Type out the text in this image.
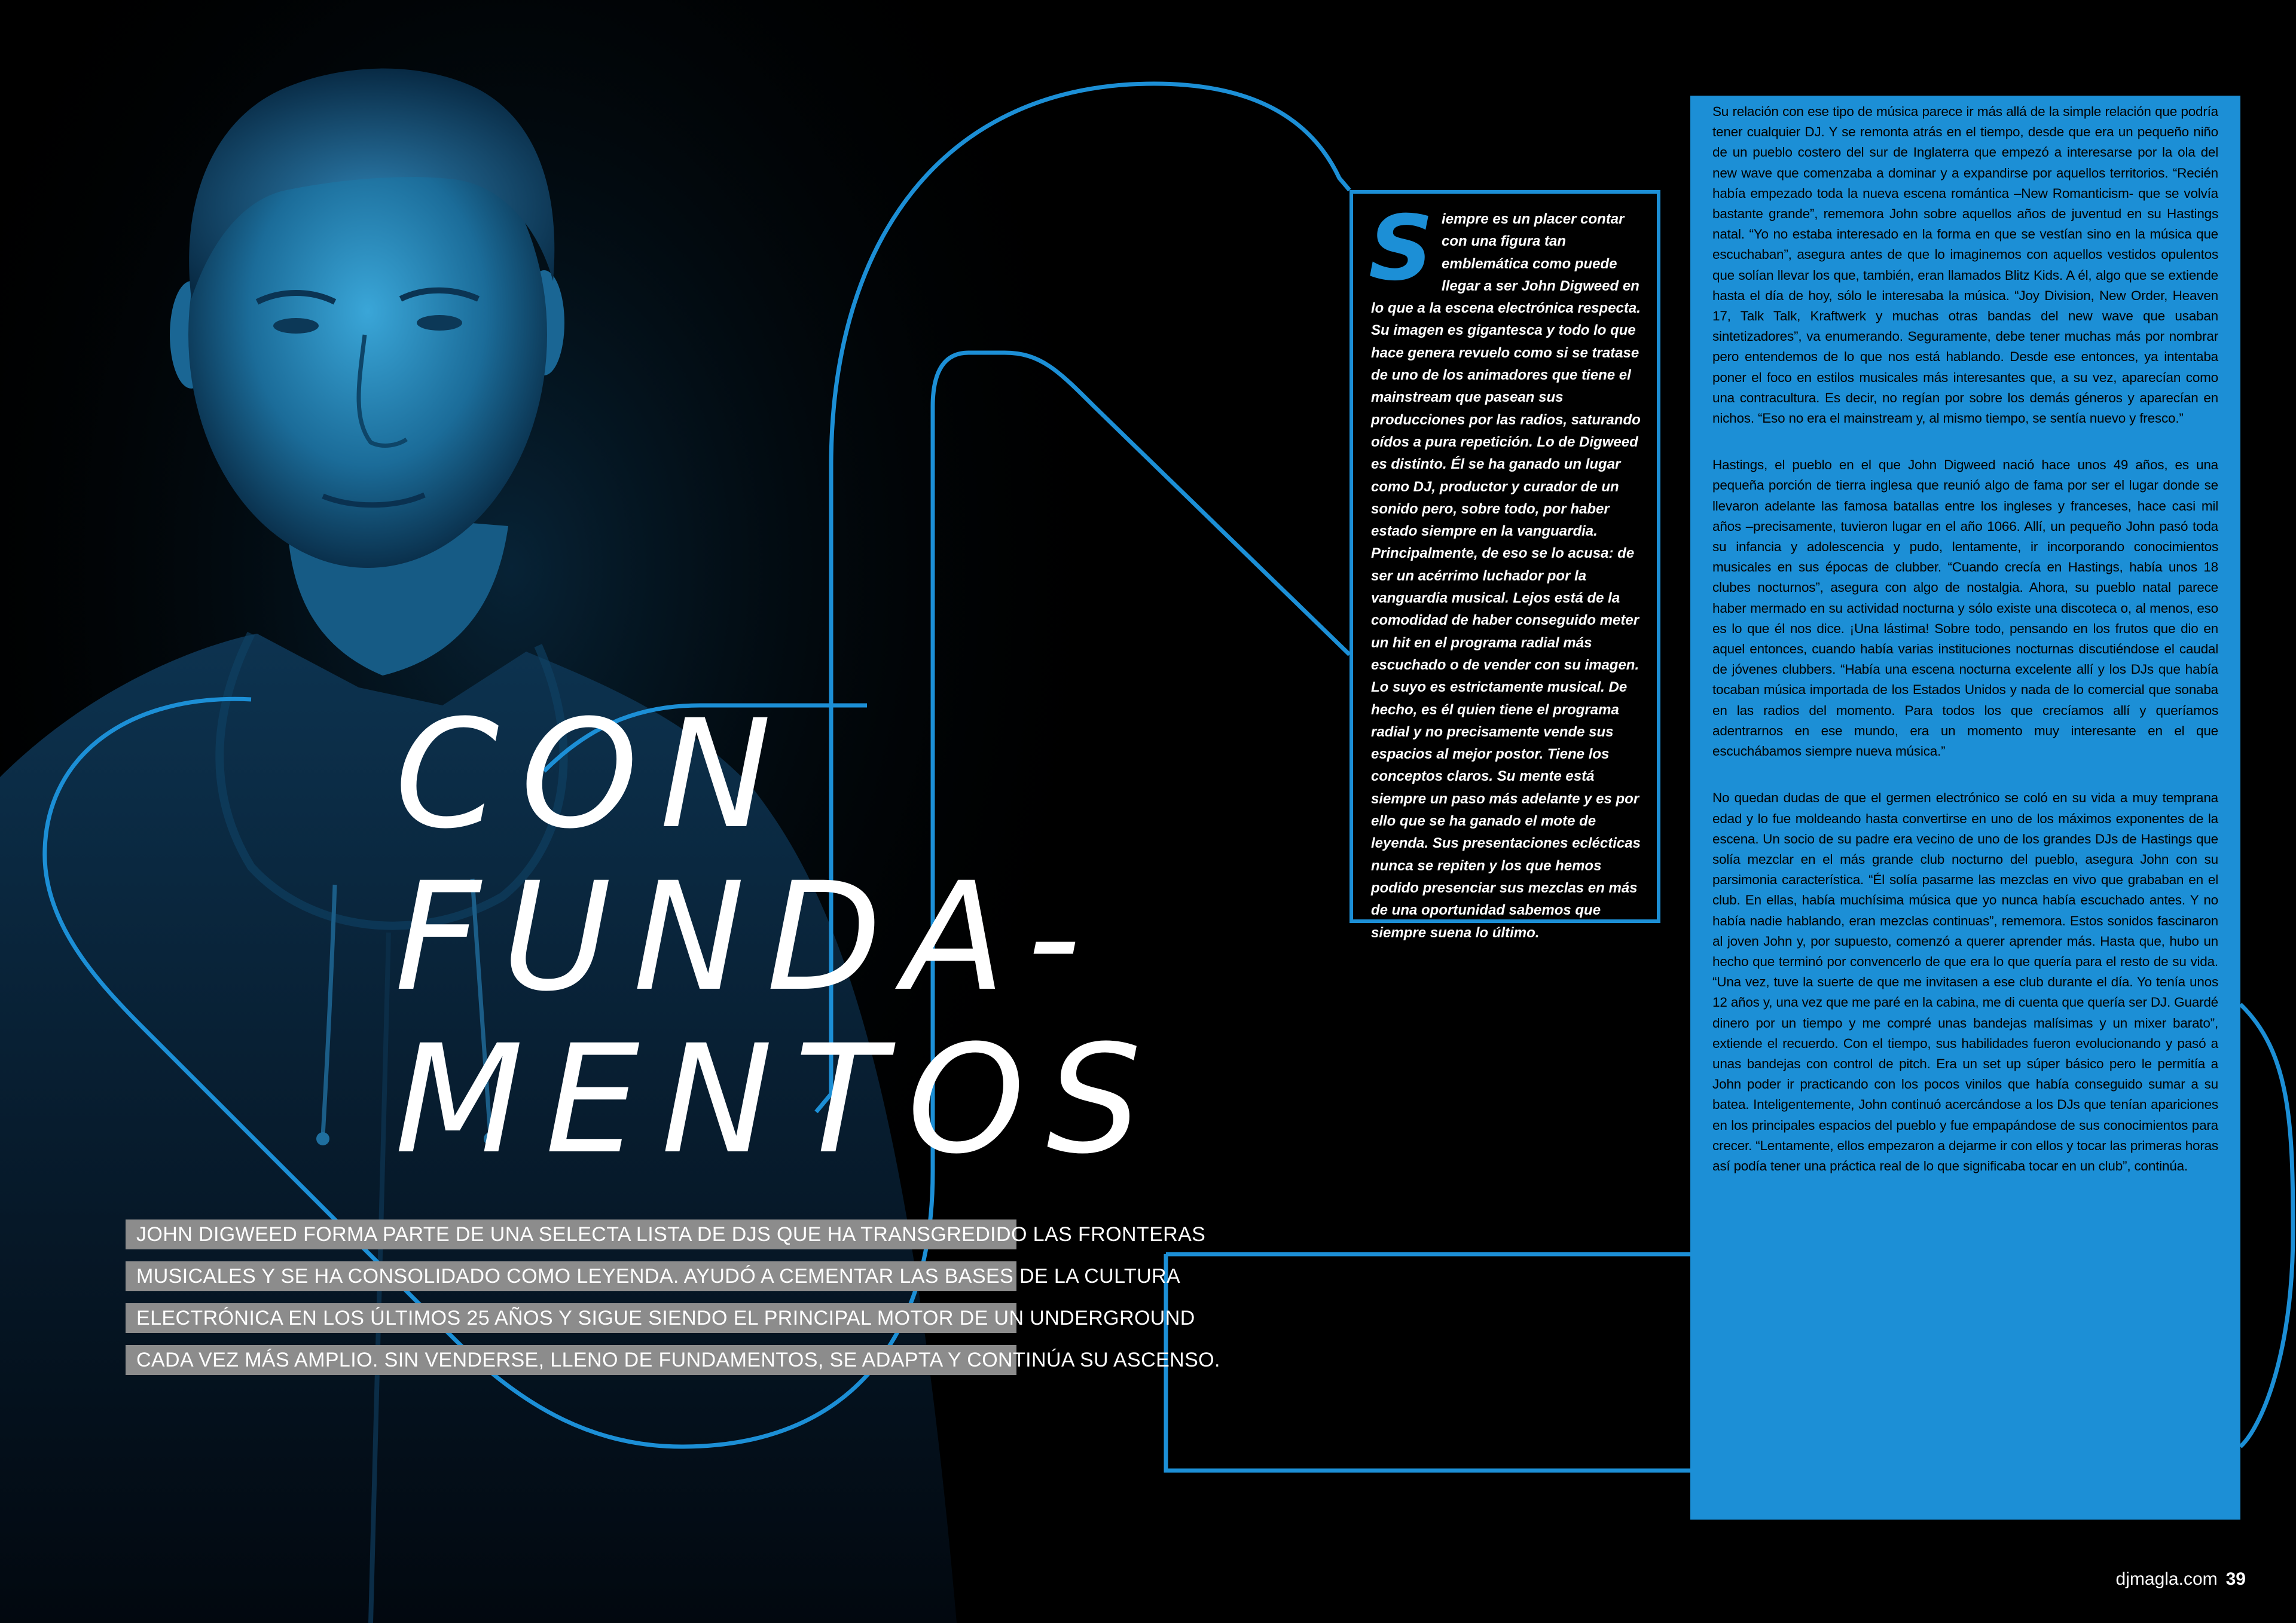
CON
FUNDA-
MENTOS
JOHN DIGWEED FORMA PARTE DE UNA SELECTA LISTA DE DJS QUE HA TRANSGREDIDO LAS FRONTERAS
MUSICALES Y SE HA CONSOLIDADO COMO LEYENDA. AYUDÓ A CEMENTAR LAS BASES DE LA CULTURA
ELECTRÓNICA EN LOS ÚLTIMOS 25 AÑOS Y SIGUE SIENDO EL PRINCIPAL MOTOR DE UN UNDERGROUND
CADA VEZ MÁS AMPLIO. SIN VENDERSE, LLENO DE FUNDAMENTOS, SE ADAPTA Y CONTINÚA SU ASCENSO.

Siempre es un placer contar con una figura tan emblemática como puede llegar a ser John Digweed en lo que a la escena electrónica respecta. Su imagen es gigantesca y todo lo que hace genera revuelo como si se tratase de uno de los animadores que tiene el mainstream que pasean sus producciones por las radios, saturando oídos a pura repetición. Lo de Digweed es distinto. Él se ha ganado un lugar como DJ, productor y curador de un sonido pero, sobre todo, por haber estado siempre en la vanguardia. Principalmente, de eso se lo acusa: de ser un acérrimo luchador por la vanguardia musical. Lejos está de la comodidad de haber conseguido meter un hit en el programa radial más escuchado o de vender con su imagen. Lo suyo es estrictamente musical. De hecho, es él quien tiene el programa radial y no precisamente vende sus espacios al mejor postor. Tiene los conceptos claros. Su mente está siempre un paso más adelante y es por ello que se ha ganado el mote de leyenda. Sus presentaciones eclécticas nunca se repiten y los que hemos podido presenciar sus mezclas en más de una oportunidad sabemos que siempre suena lo último.

Su relación con ese tipo de música parece ir más allá de la simple relación que podría tener cualquier DJ. Y se remonta atrás en el tiempo, desde que era un pequeño niño de un pueblo costero del sur de Inglaterra que empezó a interesarse por la ola del new wave que comenzaba a dominar y a expandirse por aquellos territorios. “Recién había empezado toda la nueva escena romántica –New Romanticism- que se volvía bastante grande”, rememora John sobre aquellos años de juventud en su Hastings natal. “Yo no estaba interesado en la forma en que se vestían sino en la música que escuchaban”, asegura antes de que lo imaginemos con aquellos vestidos opulentos que solían llevar los que, también, eran llamados Blitz Kids. A él, algo que se extiende hasta el día de hoy, sólo le interesaba la música. “Joy Division, New Order, Heaven 17, Talk Talk, Kraftwerk y muchas otras bandas del new wave que usaban sintetizadores”, va enumerando. Seguramente, debe tener muchas más por nombrar pero entendemos de lo que nos está hablando. Desde ese entonces, ya intentaba poner el foco en estilos musicales más interesantes que, a su vez, aparecían como una contracultura. Es decir, no regían por sobre los demás géneros y aparecían en nichos. “Eso no era el mainstream y, al mismo tiempo, se sentía nuevo y fresco.”

Hastings, el pueblo en el que John Digweed nació hace unos 49 años, es una pequeña porción de tierra inglesa que reunió algo de fama por ser el lugar donde se llevaron adelante las famosa batallas entre los ingleses y franceses, hace casi mil años –precisamente, tuvieron lugar en el año 1066. Allí, un pequeño John pasó toda su infancia y adolescencia y pudo, lentamente, ir incorporando conocimientos musicales en sus épocas de clubber. “Cuando crecía en Hastings, había unos 18 clubes nocturnos”, asegura con algo de nostalgia. Ahora, su pueblo natal parece haber mermado en su actividad nocturna y sólo existe una discoteca o, al menos, eso es lo que él nos dice. ¡Una lástima! Sobre todo, pensando en los frutos que dio en aquel entonces, cuando había varias instituciones nocturnas discutiéndose el caudal de jóvenes clubbers. “Había una escena nocturna excelente allí y los DJs que había tocaban música importada de los Estados Unidos y nada de lo comercial que sonaba en las radios del momento. Para todos los que crecíamos allí y queríamos adentrarnos en ese mundo, era un momento muy interesante en el que escuchábamos siempre nueva música.”

No quedan dudas de que el germen electrónico se coló en su vida a muy temprana edad y lo fue moldeando hasta convertirse en uno de los máximos exponentes de la escena. Un socio de su padre era vecino de uno de los grandes DJs de Hastings que solía mezclar en el más grande club nocturno del pueblo, asegura John con su parsimonia característica. “Él solía pasarme las mezclas en vivo que grababan en el club. En ellas, había muchísima música que yo nunca había escuchado antes. Y no había nadie hablando, eran mezclas continuas”, rememora. Estos sonidos fascinaron al joven John y, por supuesto, comenzó a querer aprender más. Hasta que, hubo un hecho que terminó por convencerlo de que era lo que quería para el resto de su vida. “Una vez, tuve la suerte de que me invitasen a ese club durante el día. Yo tenía unos 12 años y, una vez que me paré en la cabina, me di cuenta que quería ser DJ. Guardé dinero por un tiempo y me compré unas bandejas malísimas y un mixer barato”, extiende el recuerdo. Con el tiempo, sus habilidades fueron evolucionando y pasó a unas bandejas con control de pitch. Era un set up súper básico pero le permitía a John poder ir practicando con los pocos vinilos que había conseguido sumar a su batea. Inteligentemente, John continuó acercándose a los DJs que tenían apariciones en los principales espacios del pueblo y fue empapándose de sus conocimientos para crecer. “Lentamente, ellos empezaron a dejarme ir con ellos y tocar las primeras horas así podía tener una práctica real de lo que significaba tocar en un club”, continúa.

djmagla.com 39
